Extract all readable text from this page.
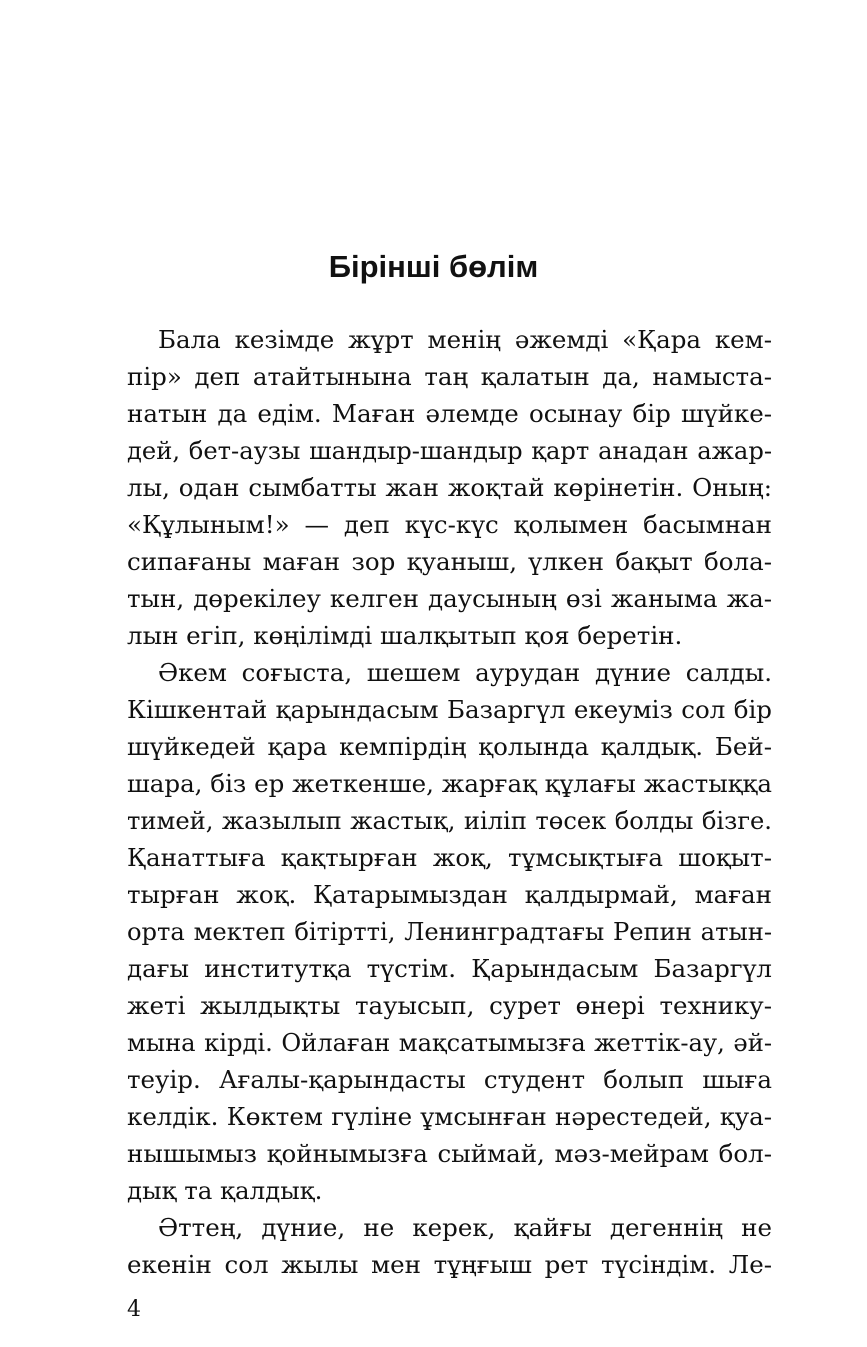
Бірінші бөлім
Бала кезімде жұрт менің әжемді «Қара кем-
пір» деп атайтынына таң қалатын да, намыста-
натын да едім. Маған әлемде осынау бір шүйке-
дей, бет-аузы шандыр-шандыр қарт анадан ажар-
лы, одан сымбатты жан жоқтай көрінетін. Оның:
«Құлыным!» — деп күс-күс қолымен басымнан
сипағаны маған зор қуаныш, үлкен бақыт бола-
тын, дөрекілеу келген даусының өзі жаныма жа-
лын егіп, көңілімді шалқытып қоя беретін.
Әкем соғыста, шешем аурудан дүние салды.
Кішкентай қарындасым Базаргүл екеуміз сол бір
шүйкедей қара кемпірдің қолында қалдық. Бей-
шара, біз ер жеткенше, жарғақ құлағы жастыққа
тимей, жазылып жастық, иіліп төсек болды бізге.
Қанаттыға қақтырған жоқ, тұмсықтыға шоқыт-
тырған жоқ. Қатарымыздан қалдырмай, маған
орта мектеп бітіртті, Ленинградтағы Репин атын-
дағы институтқа түстім. Қарындасым Базаргүл
жеті жылдықты тауысып, сурет өнері технику-
мына кірді. Ойлаған мақсатымызға жеттік-ау, әй-
теуір. Ағалы-қарындасты студент болып шыға
келдік. Көктем гүліне ұмсынған нәрестедей, қуа-
нышымыз қойнымызға сыймай, мәз-мейрам бол-
дық та қалдық.
Әттең, дүние, не керек, қайғы дегеннің не
екенін сол жылы мен тұңғыш рет түсіндім. Ле-
4
